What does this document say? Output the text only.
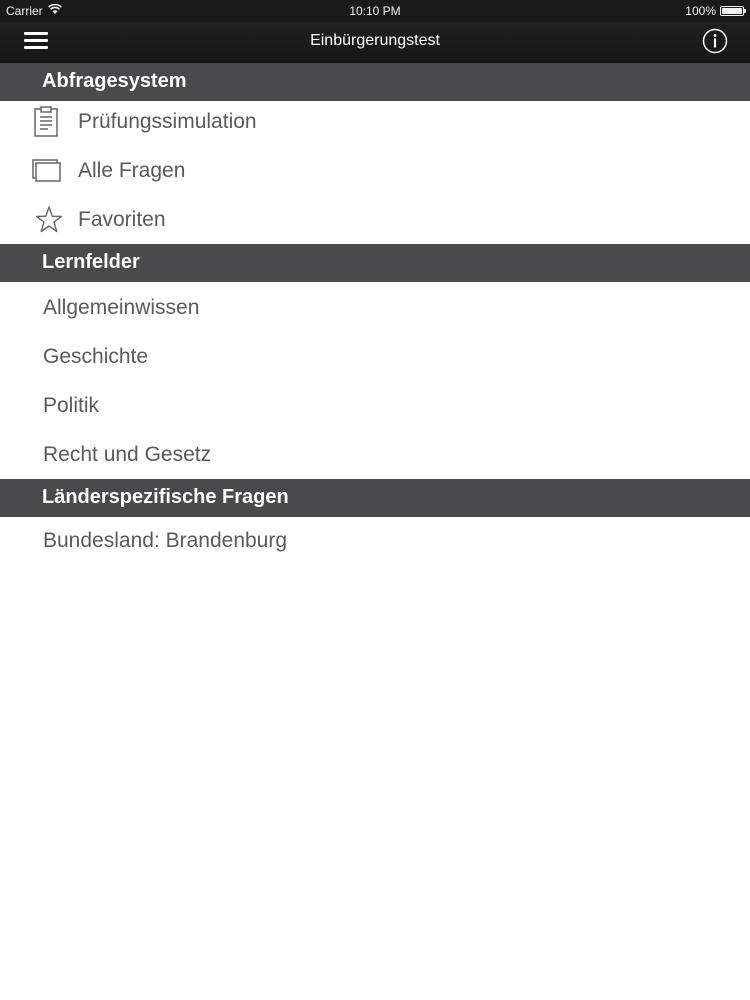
Carrier	10:10 PM	100%
Einbürgerungstest
Abfragesystem
Prüfungssimulation
Alle Fragen
Favoriten
Lernfelder
Allgemeinwissen
Geschichte
Politik
Recht und Gesetz
Länderspezifische Fragen
Bundesland: Brandenburg
